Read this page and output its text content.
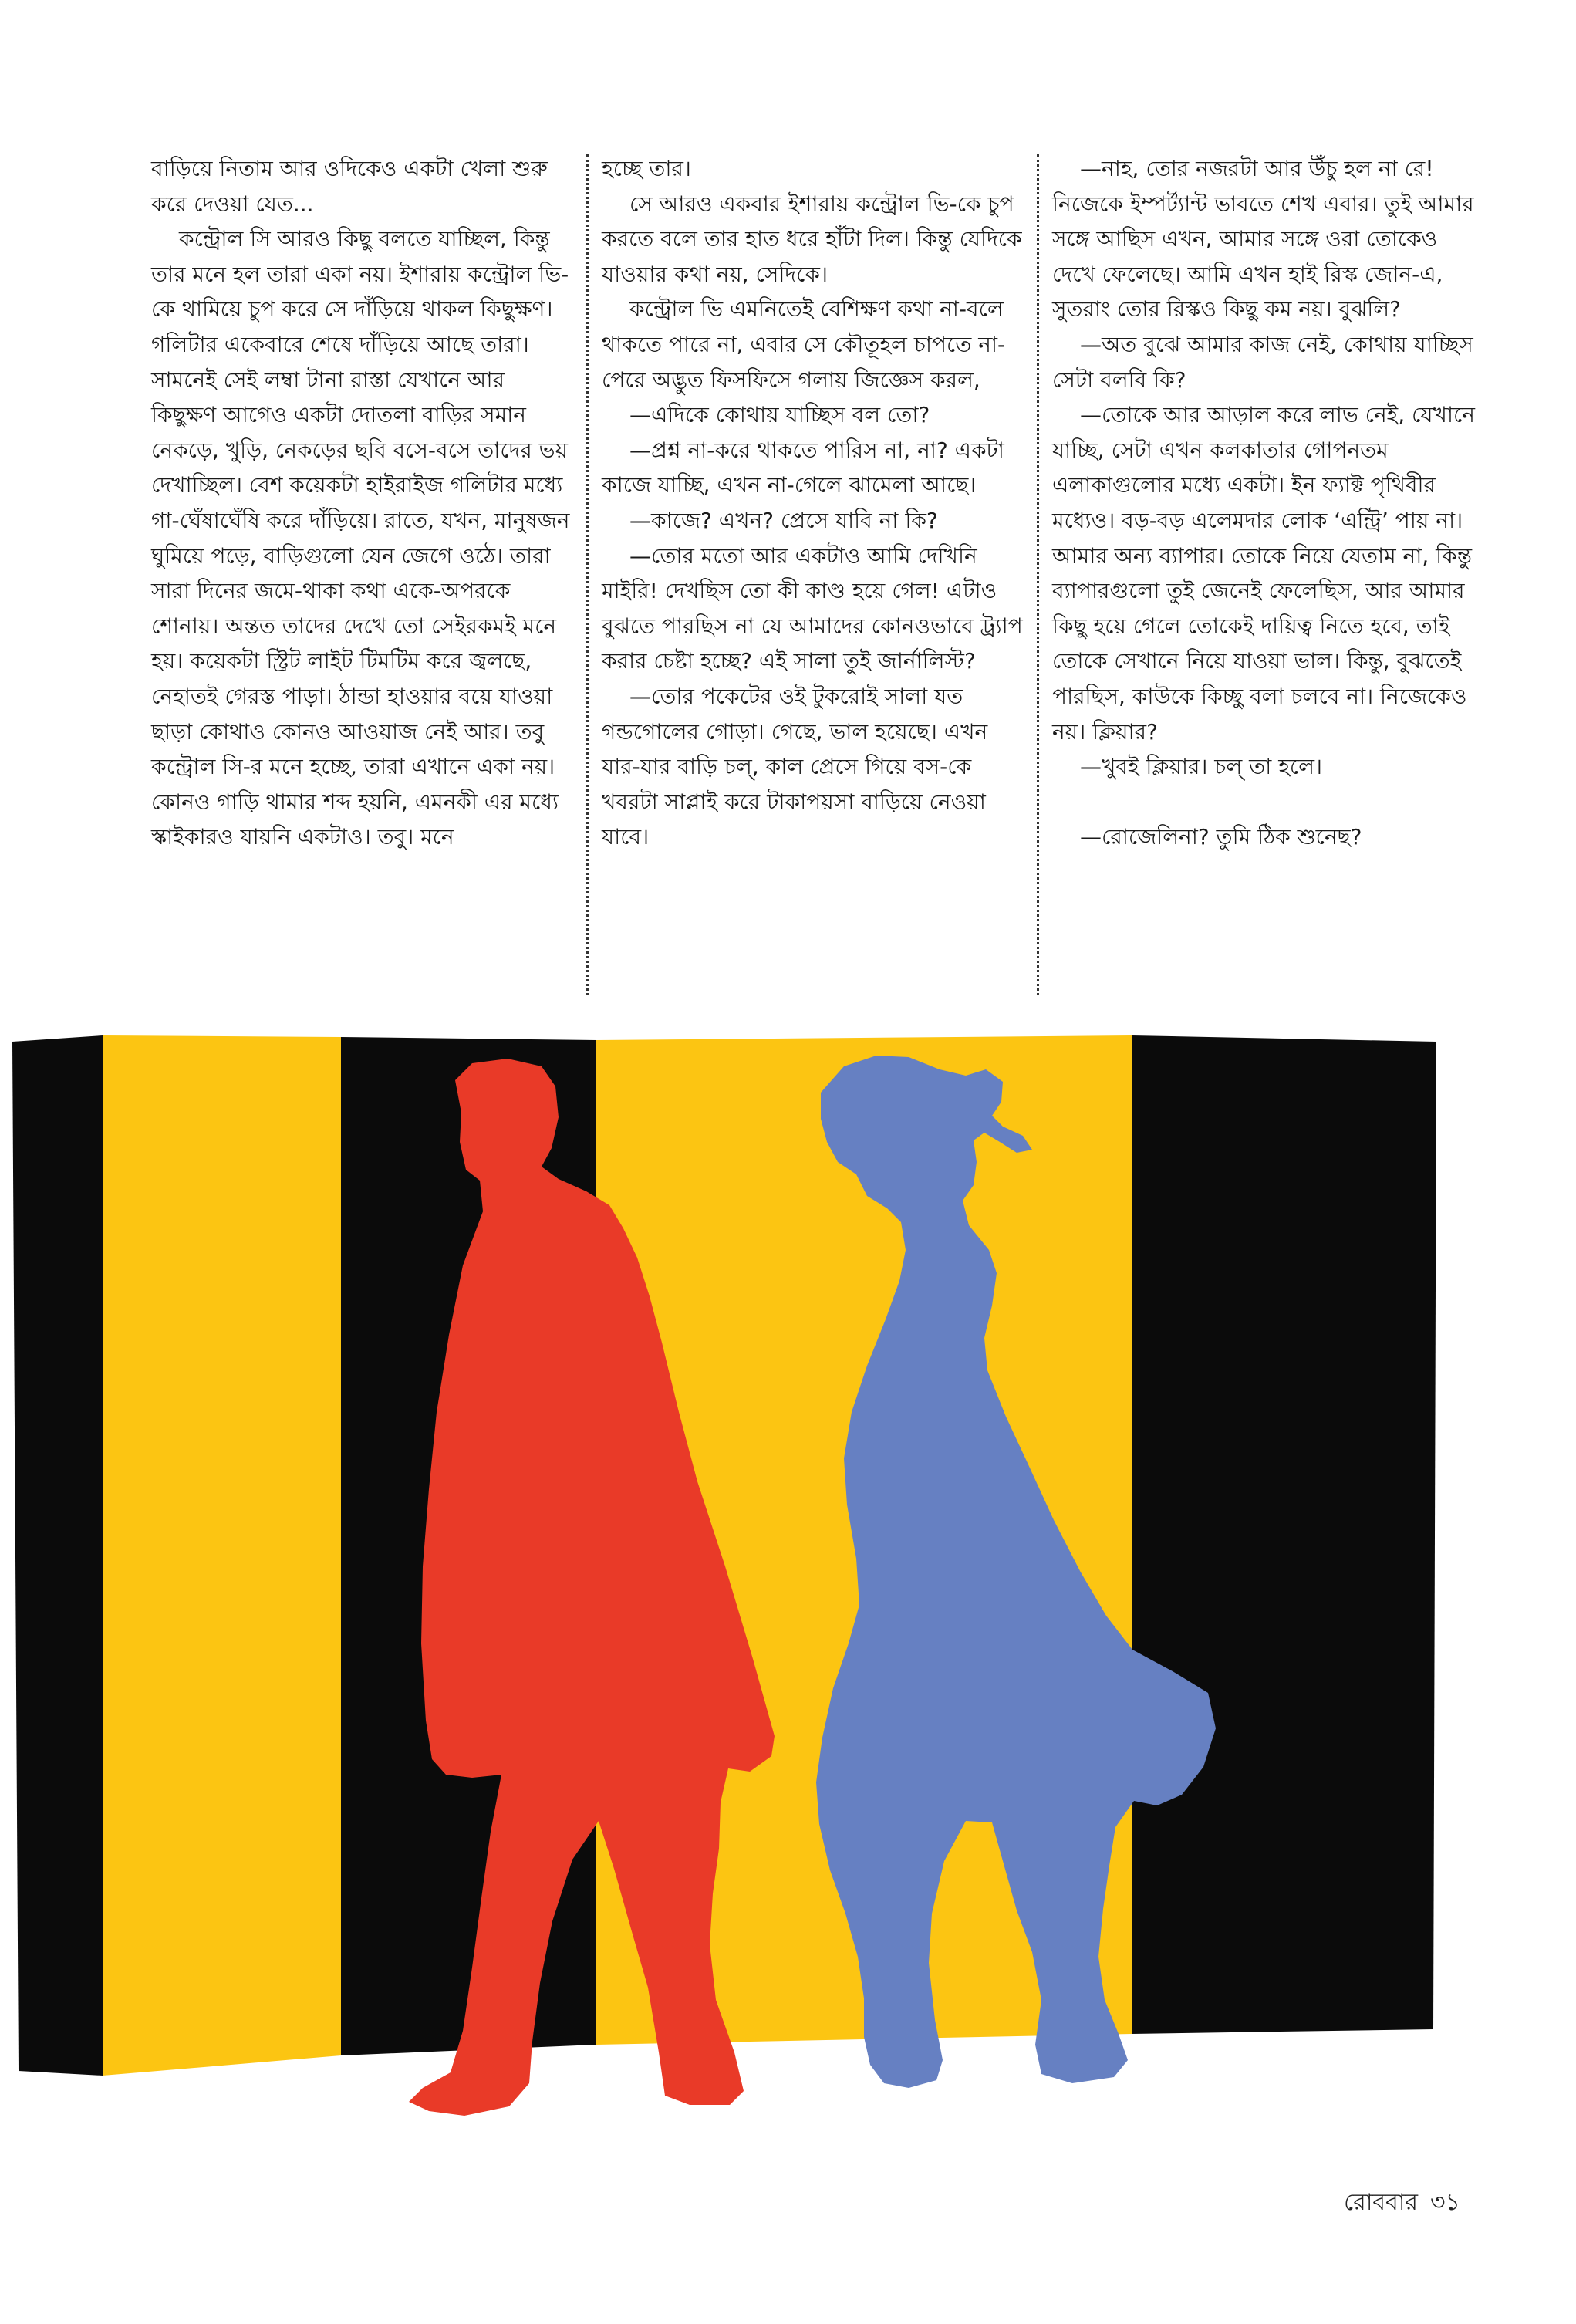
বাড়িয়ে নিতাম আর ওদিকেও একটা খেলা শুরু করে দেওয়া যেত...

কন্ট্রোল সি আরও কিছু বলতে যাচ্ছিল, কিন্তু তার মনে হল তারা একা নয়। ইশারায় কন্ট্রোল ভি-কে থামিয়ে চুপ করে সে দাঁড়িয়ে থাকল কিছুক্ষণ। গলিটার একেবারে শেষে দাঁড়িয়ে আছে তারা। সামনেই সেই লম্বা টানা রাস্তা যেখানে আর কিছুক্ষণ আগেও একটা দোতলা বাড়ির সমান নেকড়ে, খুড়ি, নেকড়ের ছবি বসে-বসে তাদের ভয় দেখাচ্ছিল। বেশ কয়েকটা হাইরাইজ গলিটার মধ্যে গা-ঘেঁষাঘেঁষি করে দাঁড়িয়ে। রাতে, যখন, মানুষজন ঘুমিয়ে পড়ে, বাড়িগুলো যেন জেগে ওঠে। তারা সারা দিনের জমে-থাকা কথা একে-অপরকে শোনায়। অন্তত তাদের দেখে তো সেইরকমই মনে হয়। কয়েকটা স্ট্রিট লাইট টিমটিম করে জ্বলছে, নেহাতই গেরস্ত পাড়া। ঠান্ডা হাওয়ার বয়ে যাওয়া ছাড়া কোথাও কোনও আওয়াজ নেই আর। তবু কন্ট্রোল সি-র মনে হচ্ছে, তারা এখানে একা নয়। কোনও গাড়ি থামার শব্দ হয়নি, এমনকী এর মধ্যে স্কাইকারও যায়নি একটাও। তবু। মনে

হচ্ছে তার।

সে আরও একবার ইশারায় কন্ট্রোল ভি-কে চুপ করতে বলে তার হাত ধরে হাঁটা দিল। কিন্তু যেদিকে যাওয়ার কথা নয়, সেদিকে।

কন্ট্রোল ভি এমনিতেই বেশিক্ষণ কথা না-বলে থাকতে পারে না, এবার সে কৌতূহল চাপতে না-পেরে অদ্ভুত ফিসফিসে গলায় জিজ্ঞেস করল,

—এদিকে কোথায় যাচ্ছিস বল তো?

—প্রশ্ন না-করে থাকতে পারিস না, না? একটা কাজে যাচ্ছি, এখন না-গেলে ঝামেলা আছে।

—কাজে? এখন? প্রেসে যাবি না কি?

—তোর মতো আর একটাও আমি দেখিনি মাইরি! দেখছিস তো কী কাণ্ড হয়ে গেল! এটাও বুঝতে পারছিস না যে আমাদের কোনওভাবে ট্র্যাপ করার চেষ্টা হচ্ছে? এই সালা তুই জার্নালিস্ট?

—তোর পকেটের ওই টুকরোই সালা যত গন্ডগোলের গোড়া। গেছে, ভাল হয়েছে। এখন যার-যার বাড়ি চল্, কাল প্রেসে গিয়ে বস-কে খবরটা সাপ্লাই করে টাকাপয়সা বাড়িয়ে নেওয়া যাবে।

—নাহ, তোর নজরটা আর উঁচু হল না রে! নিজেকে ইম্পর্ট্যান্ট ভাবতে শেখ এবার। তুই আমার সঙ্গে আছিস এখন, আমার সঙ্গে ওরা তোকেও দেখে ফেলেছে। আমি এখন হাই রিস্ক জোন-এ, সুতরাং তোর রিস্কও কিছু কম নয়। বুঝলি?

—অত বুঝে আমার কাজ নেই, কোথায় যাচ্ছিস সেটা বলবি কি?

—তোকে আর আড়াল করে লাভ নেই, যেখানে যাচ্ছি, সেটা এখন কলকাতার গোপনতম এলাকাগুলোর মধ্যে একটা। ইন ফ্যাক্ট পৃথিবীর মধ্যেও। বড়-বড় এলেমদার লোক ‘এন্ট্রি’ পায় না। আমার অন্য ব্যাপার। তোকে নিয়ে যেতাম না, কিন্তু ব্যাপারগুলো তুই জেনেই ফেলেছিস, আর আমার কিছু হয়ে গেলে তোকেই দায়িত্ব নিতে হবে, তাই তোকে সেখানে নিয়ে যাওয়া ভাল। কিন্তু, বুঝতেই পারছিস, কাউকে কিচ্ছু বলা চলবে না। নিজেকেও নয়। ক্লিয়ার?

—খুবই ক্লিয়ার। চল্ তা হলে।

—রোজেলিনা? তুমি ঠিক শুনেছ?

রোববার ৩১
